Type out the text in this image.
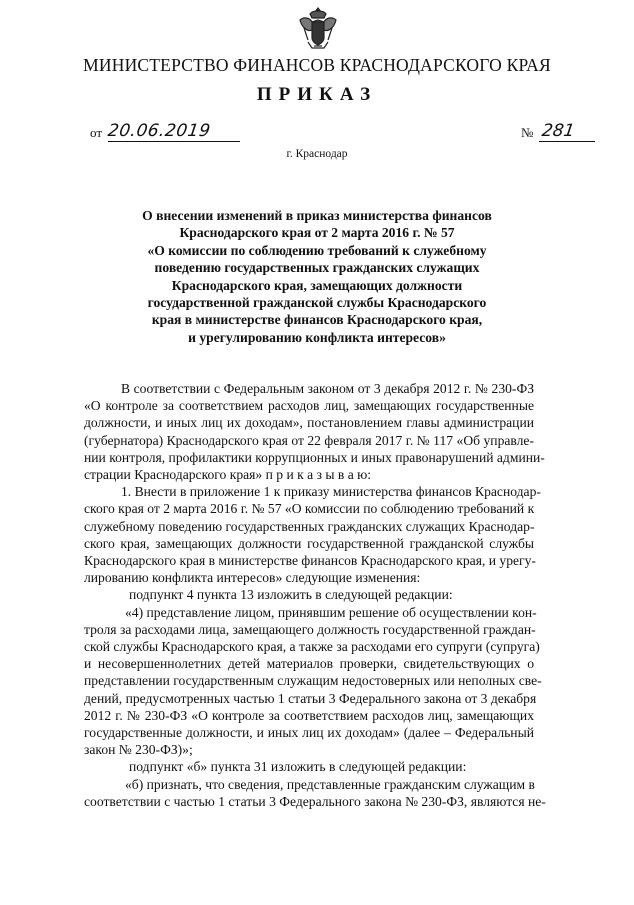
МИНИСТЕРСТВО ФИНАНСОВ КРАСНОДАРСКОГО КРАЯ
ПРИКАЗ
от 20.06.2019	№ 281
г. Краснодар
О внесении изменений в приказ министерства финансов
Краснодарского края от 2 марта 2016 г. № 57
«О комиссии по соблюдению требований к служебному
поведению государственных гражданских служащих
Краснодарского края, замещающих должности
государственной гражданской службы Краснодарского
края в министерстве финансов Краснодарского края,
и урегулированию конфликта интересов»
В соответствии с Федеральным законом от 3 декабря 2012 г. № 230-ФЗ
«О контроле за соответствием расходов лиц, замещающих государственные
должности, и иных лиц их доходам», постановлением главы администрации
(губернатора) Краснодарского края от 22 февраля 2017 г. № 117 «Об управле-
нии контроля, профилактики коррупционных и иных правонарушений админи-
страции Краснодарского края» п р и к а з ы в а ю:
1. Внести в приложение 1 к приказу министерства финансов Краснодар-
ского края от 2 марта 2016 г. № 57 «О комиссии по соблюдению требований к
служебному поведению государственных гражданских служащих Краснодар-
ского края, замещающих должности государственной гражданской службы
Краснодарского края в министерстве финансов Краснодарского края, и урегу-
лированию конфликта интересов» следующие изменения:
подпункт 4 пункта 13 изложить в следующей редакции:
«4) представление лицом, принявшим решение об осуществлении кон-
троля за расходами лица, замещающего должность государственной граждан-
ской службы Краснодарского края, а также за расходами его супруги (супруга)
и несовершеннолетних детей материалов проверки, свидетельствующих о
представлении государственным служащим недостоверных или неполных све-
дений, предусмотренных частью 1 статьи 3 Федерального закона от 3 декабря
2012 г. № 230-ФЗ «О контроле за соответствием расходов лиц, замещающих
государственные должности, и иных лиц их доходам» (далее – Федеральный
закон № 230-ФЗ)»;
подпункт «б» пункта 31 изложить в следующей редакции:
«б) признать, что сведения, представленные гражданским служащим в
соответствии с частью 1 статьи 3 Федерального закона № 230-ФЗ, являются не-
